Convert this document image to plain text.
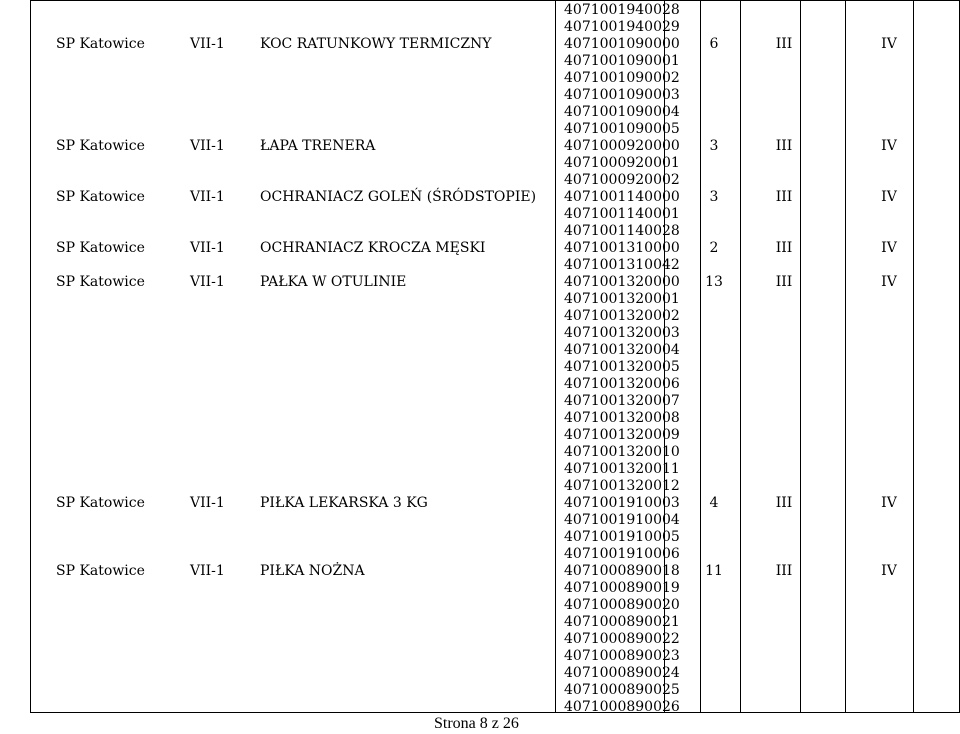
4071001940028
4071001940029
SP Katowice	VII-1	KOC RATUNKOWY TERMICZNY	4071001090000
4071001090001
4071001090002
4071001090003
4071001090004
4071001090005
6	III	IV
SP Katowice	VII-1	ŁAPA TRENERA	4071000920000
4071000920001
4071000920002
3	III	IV
SP Katowice	VII-1	OCHRANIACZ GOLEŃ (ŚRÓDSTOPIE) 4071001140000
4071001140001
4071001140028
3	III	IV
SP Katowice	VII-1	OCHRANIACZ KROCZA MĘSKI	4071001310000
4071001310042
2	III	IV
SP Katowice	VII-1	PAŁKA W OTULINIE	4071001320000
4071001320001
4071001320002
4071001320003
4071001320004
4071001320005
4071001320006
4071001320007
4071001320008
4071001320009
4071001320010
4071001320011
4071001320012
13	III	IV
SP Katowice	VII-1	PIŁKA LEKARSKA 3 KG	4071001910003
4071001910004
4071001910005
4071001910006
4	III	IV
SP Katowice	VII-1	PIŁKA NOŻNA	4071000890018
4071000890019
4071000890020
4071000890021
4071000890022
4071000890023
4071000890024
4071000890025
4071000890026
11	III	IV
Strona 8 z 26
